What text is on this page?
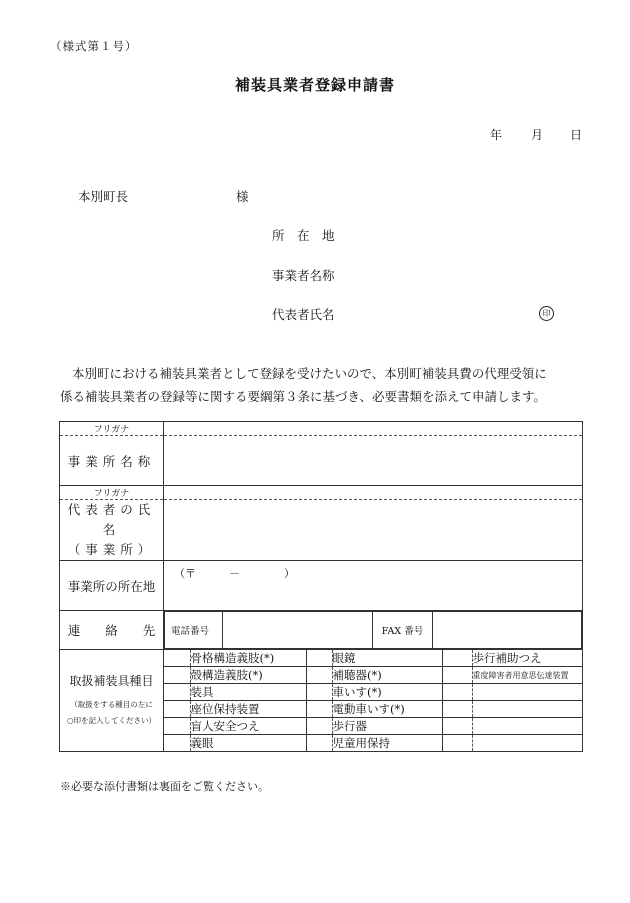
（様式第１号）
補装具業者登録申請書
年 月 日
本別町長	様
所　在　地
事業者名称
代表者氏名	印
本別町における補装具業者として登録を受けたいので、本別町補装具費の代理受領に
係る補装具業者の登録等に関する要綱第３条に基づき、必要書類を添えて申請します。
フリガナ	
事業所名称	
フリガナ	
代表者の氏名
（事業所）	
事業所の所在地	（〒　　　－　　　　）
連　　絡　　先	電話番号		FAX 番号	

取扱補装具種目
（取扱をする種目の左に
○印を記入してください）

	骨格構造義肢(*)		眼鏡		歩行補助つえ
	殻構造義肢(*)		補聴器(*)		重度障害者用意思伝達装置
	装具		車いす(*)		
	座位保持装置		電動車いす(*)		
	盲人安全つえ		歩行器		
	義眼		児童用保持		
※必要な添付書類は裏面をご覧ください。
